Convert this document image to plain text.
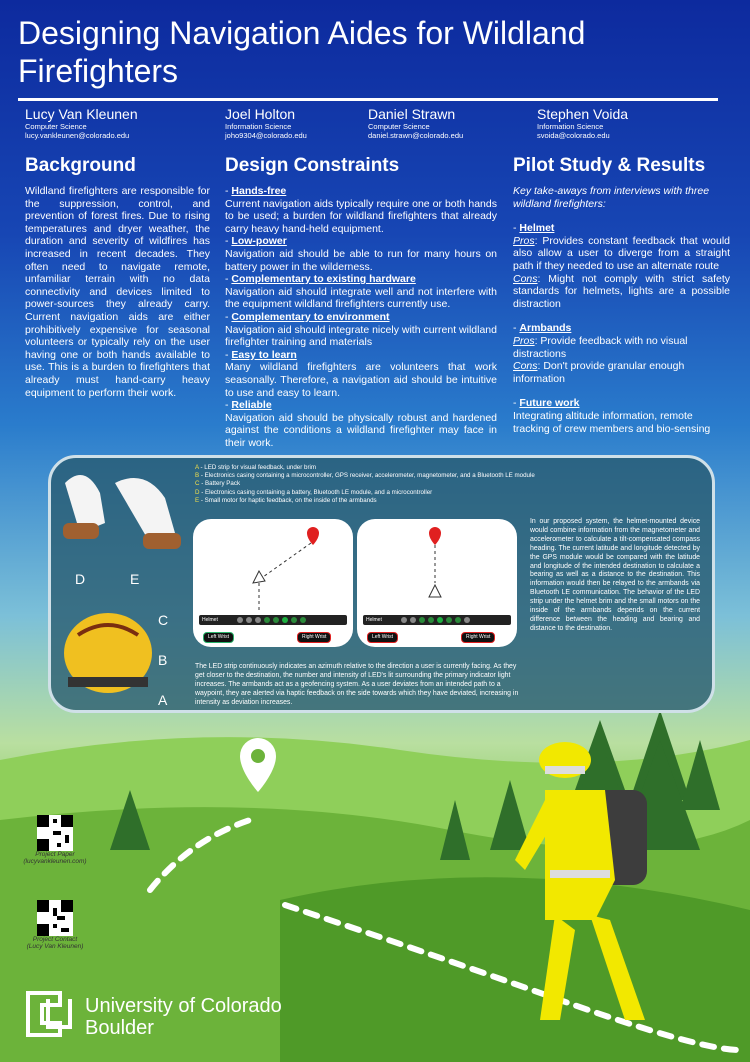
Designing Navigation Aides for Wildland Firefighters
Lucy Van Kleunen
Computer Science
lucy.vankleunen@colorado.edu
Joel Holton
Information Science
joho9304@colorado.edu
Daniel Strawn
Computer Science
daniel.strawn@colorado.edu
Stephen Voida
Information Science
svoida@colorado.edu
Background
Wildland firefighters are responsible for the suppression, control, and prevention of forest fires. Due to rising temperatures and dryer weather, the duration and severity of wildfires has increased in recent decades. They often need to navigate remote, unfamiliar terrain with no data connectivity and devices limited to power-sources they already carry. Current navigation aids are either prohibitively expensive for seasonal volunteers or typically rely on the user having one or both hands available to use. This is a burden to firefighters that already must hand-carry heavy equipment to perform their work.
Design Constraints
- Hands-free
Current navigation aids typically require one or both hands to be used; a burden for wildland firefighters that already carry heavy hand-held equipment.
- Low-power
Navigation aid should be able to run for many hours on battery power in the wilderness.
- Complementary to existing hardware
Navigation aid should integrate well and not interfere with the equipment wildland firefighters currently use.
- Complementary to environment
Navigation aid should integrate nicely with current wildland firefighter training and materials
- Easy to learn
Many wildland firefighters are volunteers that work seasonally. Therefore, a navigation aid should be intuitive to use and easy to learn.
- Reliable
Navigation aid should be physically robust and hardened against the conditions a wildland firefighter may face in their work.
Pilot Study & Results
Key take-aways from interviews with three wildland firefighters:
- Helmet
Pros: Provides constant feedback that would also allow a user to diverge from a straight path if they needed to use an alternate route
Cons: Might not comply with strict safety standards for helmets, lights are a possible distraction
- Armbands
Pros: Provide feedback with no visual distractions
Cons: Don't provide granular enough information
- Future work
Integrating altitude information, remote tracking of crew members and bio-sensing
D	E
C
B
A
A - LED strip for visual feedback, under brim
B - Electronics casing containing a microcontroller, GPS receiver, accelerometer, magnetometer, and a Bluetooth LE module
C - Battery Pack
D - Electronics casing containing a battery, Bluetooth LE module, and a microcontroller
E - Small motor for haptic feedback, on the inside of the armbands
Helmet
Left Wrist	Right Wrist
Helmet
Left Wrist	Right Wrist
In our proposed system, the helmet-mounted device would combine information from the magnetometer and accelerometer to calculate a tilt-compensated compass heading. The current latitude and longitude detected by the GPS module would be compared with the latitude and longitude of the intended destination to calculate a bearing as well as a distance to the destination. This information would then be relayed to the armbands via Bluetooth LE communication. The behavior of the LED strip under the helmet brim and the small motors on the inside of the armbands depends on the current difference between the heading and bearing and distance to the destination.
The LED strip continuously indicates an azimuth relative to the direction a user is currently facing. As they get closer to the destination, the number and intensity of LED's lit surrounding the primary indicator light increases. The armbands act as a geofencing system. As a user deviates from an intended path to a waypoint, they are alerted via haptic feedback on the side towards which they have deviated, increasing in intensity as deviation increases.
Project Paper
(lucyvankleunen.com)
Project Contact
(Lucy Van Kleunen)
University of Colorado
Boulder
